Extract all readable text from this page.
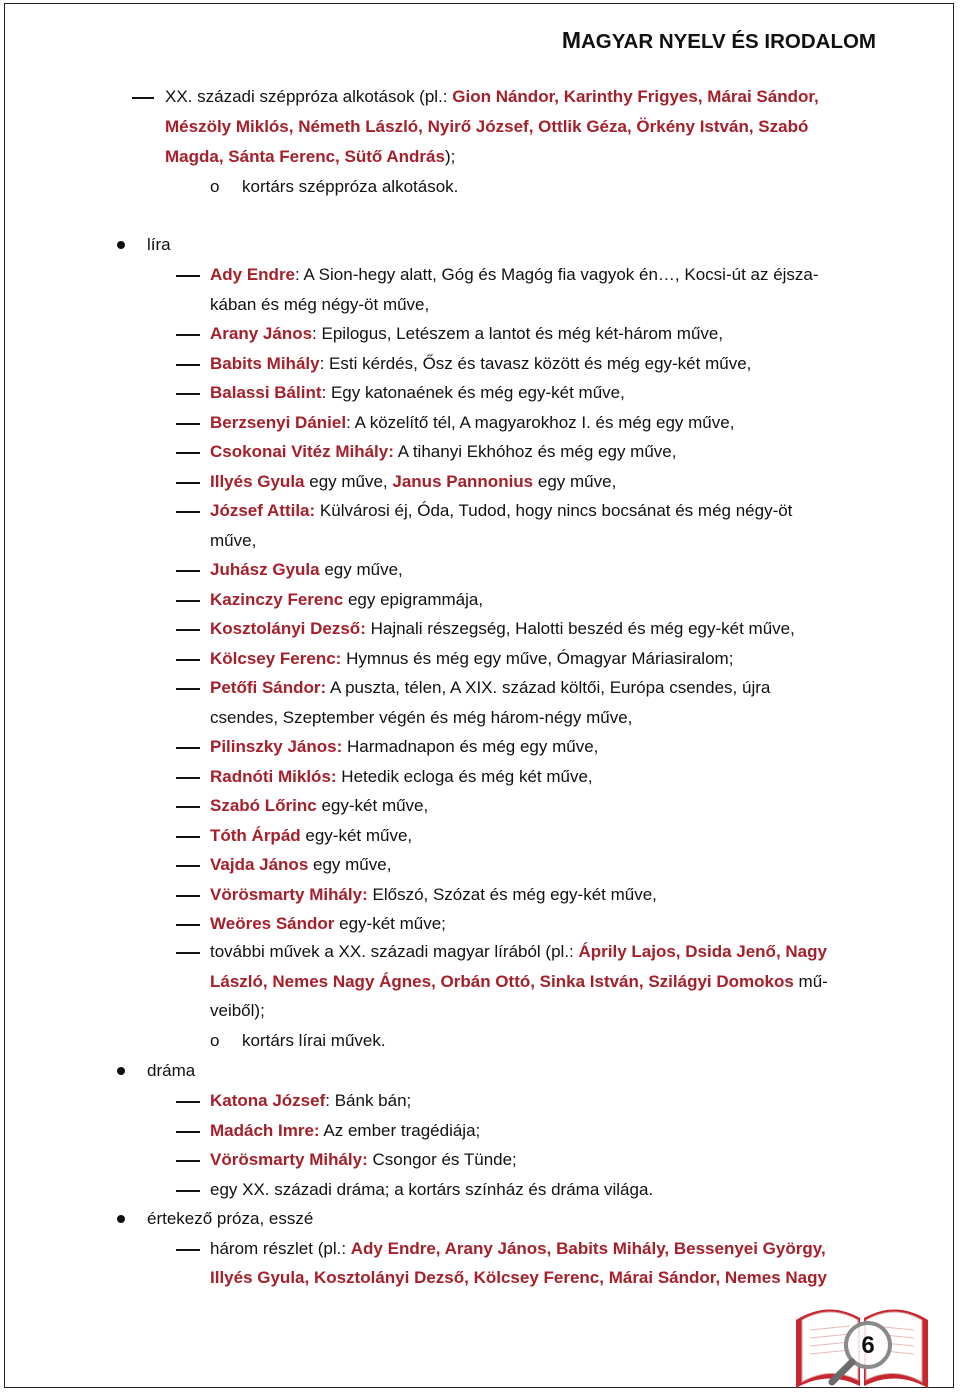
MAGYAR NYELV ÉS IRODALOM
XX. századi széppróza alkotások (pl.: Gion Nándor, Karinthy Frigyes, Márai Sándor,
Mészöly Miklós, Németh László, Nyirő József, Ottlik Géza, Örkény István, Szabó
Magda, Sánta Ferenc, Sütő András);
o kortárs széppróza alkotások.
líra
Ady Endre: A Sion-hegy alatt, Góg és Magóg fia vagyok én…, Kocsi-út az éjsza-
kában és még négy-öt műve,
Arany János: Epilogus, Letészem a lantot és még két-három műve,
Babits Mihály: Esti kérdés, Ősz és tavasz között és még egy-két műve,
Balassi Bálint: Egy katonaének és még egy-két műve,
Berzsenyi Dániel: A közelítő tél, A magyarokhoz I. és még egy műve,
Csokonai Vitéz Mihály: A tihanyi Ekhóhoz és még egy műve,
Illyés Gyula egy műve, Janus Pannonius egy műve,
József Attila: Külvárosi éj, Óda, Tudod, hogy nincs bocsánat és még négy-öt
műve,
Juhász Gyula egy műve,
Kazinczy Ferenc egy epigrammája,
Kosztolányi Dezső: Hajnali részegség, Halotti beszéd és még egy-két műve,
Kölcsey Ferenc: Hymnus és még egy műve, Ómagyar Máriasiralom;
Petőfi Sándor: A puszta, télen, A XIX. század költői, Európa csendes, újra
csendes, Szeptember végén és még három-négy műve,
Pilinszky János: Harmadnapon és még egy műve,
Radnóti Miklós: Hetedik ecloga és még két műve,
Szabó Lőrinc egy-két műve,
Tóth Árpád egy-két műve,
Vajda János egy műve,
Vörösmarty Mihály: Előszó, Szózat és még egy-két műve,
Weöres Sándor egy-két műve;
további művek a XX. századi magyar lírából (pl.: Áprily Lajos, Dsida Jenő, Nagy
László, Nemes Nagy Ágnes, Orbán Ottó, Sinka István, Szilágyi Domokos mű-
veiből);
o kortárs lírai művek.
dráma
Katona József: Bánk bán;
Madách Imre: Az ember tragédiája;
Vörösmarty Mihály: Csongor és Tünde;
egy XX. századi dráma; a kortárs színház és dráma világa.
értekező próza, esszé
három részlet (pl.: Ady Endre, Arany János, Babits Mihály, Bessenyei György,
Illyés Gyula, Kosztolányi Dezső, Kölcsey Ferenc, Márai Sándor, Nemes Nagy
6
